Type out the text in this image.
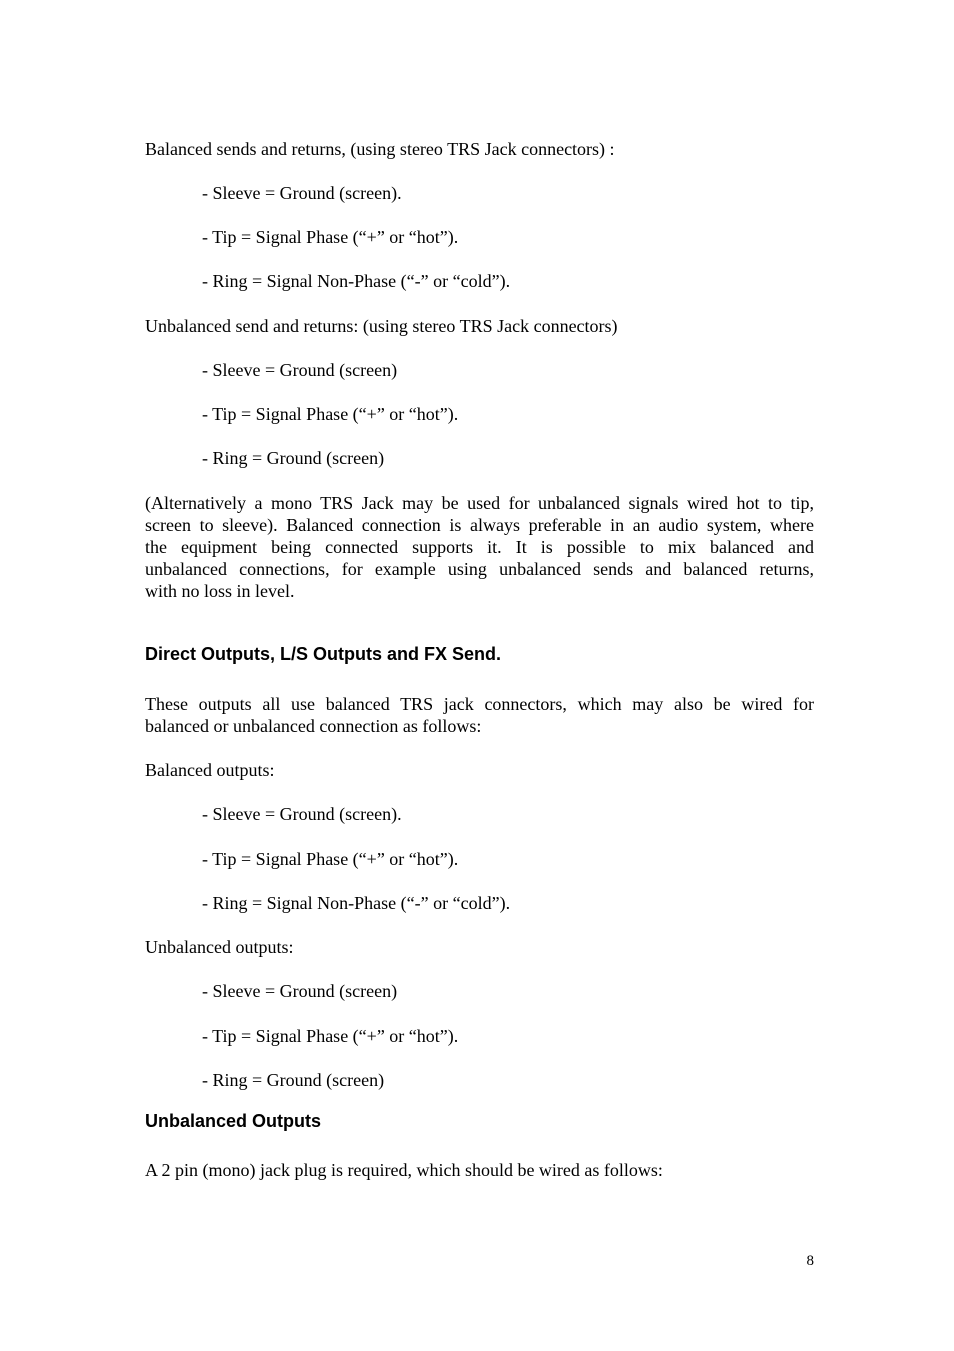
Balanced sends and returns, (using stereo TRS Jack connectors) :
- Sleeve = Ground (screen).
- Tip = Signal Phase (“+” or “hot”).
- Ring = Signal Non-Phase (“-” or “cold”).
Unbalanced send and returns: (using stereo TRS Jack connectors)
- Sleeve = Ground (screen)
- Tip = Signal Phase (“+” or “hot”).
- Ring = Ground (screen)
(Alternatively a mono TRS Jack may be used for unbalanced signals wired hot to tip,
screen to sleeve). Balanced connection is always preferable in an audio system, where
the equipment being connected supports it. It is possible to mix balanced and
unbalanced connections, for example using unbalanced sends and balanced returns,
with no loss in level.
Direct Outputs, L/S Outputs and FX Send.
These outputs all use balanced TRS jack connectors, which may also be wired for
balanced or unbalanced connection as follows:
Balanced outputs:
- Sleeve = Ground (screen).
- Tip = Signal Phase (“+” or “hot”).
- Ring = Signal Non-Phase (“-” or “cold”).
Unbalanced outputs:
- Sleeve = Ground (screen)
- Tip = Signal Phase (“+” or “hot”).
- Ring = Ground (screen)
Unbalanced Outputs
A 2 pin (mono) jack plug is required, which should be wired as follows:
8
